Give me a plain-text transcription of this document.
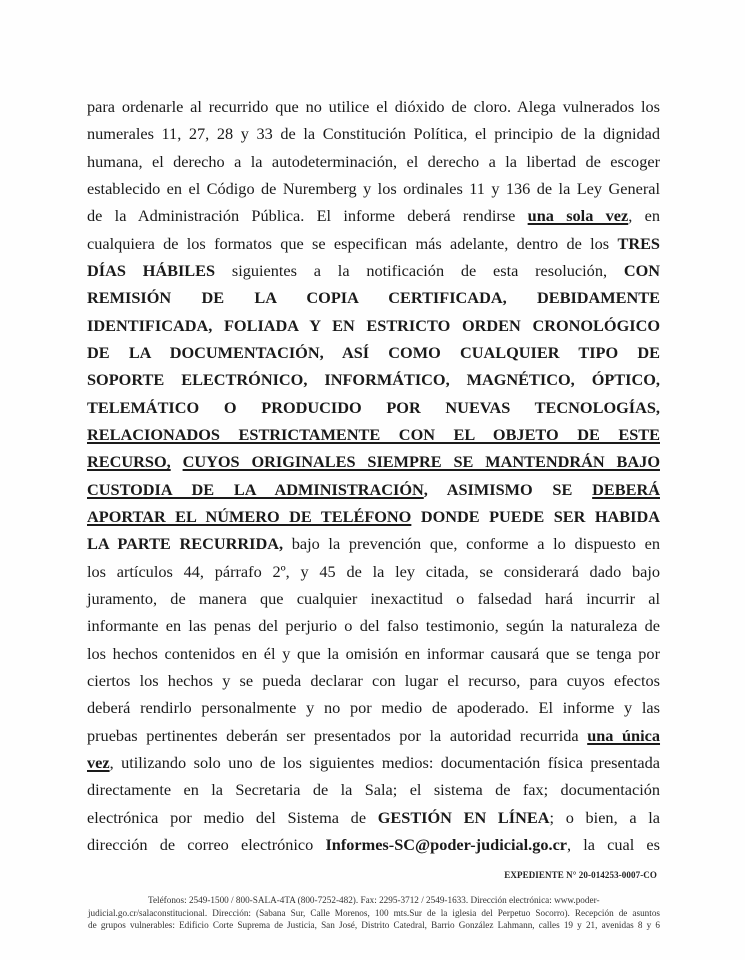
para ordenarle al recurrido que no utilice el dióxido de cloro. Alega vulnerados los
numerales 11, 27, 28 y 33 de la Constitución Política, el principio de la dignidad
humana, el derecho a la autodeterminación, el derecho a la libertad de escoger
establecido en el Código de Nuremberg y los ordinales 11 y 136 de la Ley General
de la Administración Pública. El informe deberá rendirse una sola vez, en
cualquiera de los formatos que se especifican más adelante, dentro de los TRES
DÍAS HÁBILES siguientes a la notificación de esta resolución, CON
REMISIÓN DE LA COPIA CERTIFICADA, DEBIDAMENTE
IDENTIFICADA, FOLIADA Y EN ESTRICTO ORDEN CRONOLÓGICO
DE LA DOCUMENTACIÓN, ASÍ COMO CUALQUIER TIPO DE
SOPORTE ELECTRÓNICO, INFORMÁTICO, MAGNÉTICO, ÓPTICO,
TELEMÁTICO O PRODUCIDO POR NUEVAS TECNOLOGÍAS,
RELACIONADOS ESTRICTAMENTE CON EL OBJETO DE ESTE
RECURSO, CUYOS ORIGINALES SIEMPRE SE MANTENDRÁN BAJO
CUSTODIA DE LA ADMINISTRACIÓN, ASIMISMO SE DEBERÁ
APORTAR EL NÚMERO DE TELÉFONO DONDE PUEDE SER HABIDA
LA PARTE RECURRIDA, bajo la prevención que, conforme a lo dispuesto en
los artículos 44, párrafo 2º, y 45 de la ley citada, se considerará dado bajo
juramento, de manera que cualquier inexactitud o falsedad hará incurrir al
informante en las penas del perjurio o del falso testimonio, según la naturaleza de
los hechos contenidos en él y que la omisión en informar causará que se tenga por
ciertos los hechos y se pueda declarar con lugar el recurso, para cuyos efectos
deberá rendirlo personalmente y no por medio de apoderado. El informe y las
pruebas pertinentes deberán ser presentados por la autoridad recurrida una única
vez, utilizando solo uno de los siguientes medios: documentación física presentada
directamente en la Secretaria de la Sala; el sistema de fax; documentación
electrónica por medio del Sistema de GESTIÓN EN LÍNEA; o bien, a la
dirección de correo electrónico Informes-SC@poder-judicial.go.cr, la cual es
EXPEDIENTE N° 20-014253-0007-CO
Teléfonos: 2549-1500 / 800-SALA-4TA (800-7252-482). Fax: 2295-3712 / 2549-1633. Dirección electrónica: www.poder-
judicial.go.cr/salaconstitucional. Dirección: (Sabana Sur, Calle Morenos, 100 mts.Sur de la iglesia del Perpetuo Socorro). Recepción de asuntos
de grupos vulnerables: Edificio Corte Suprema de Justicia, San José, Distrito Catedral, Barrio González Lahmann, calles 19 y 21, avenidas 8 y 6
